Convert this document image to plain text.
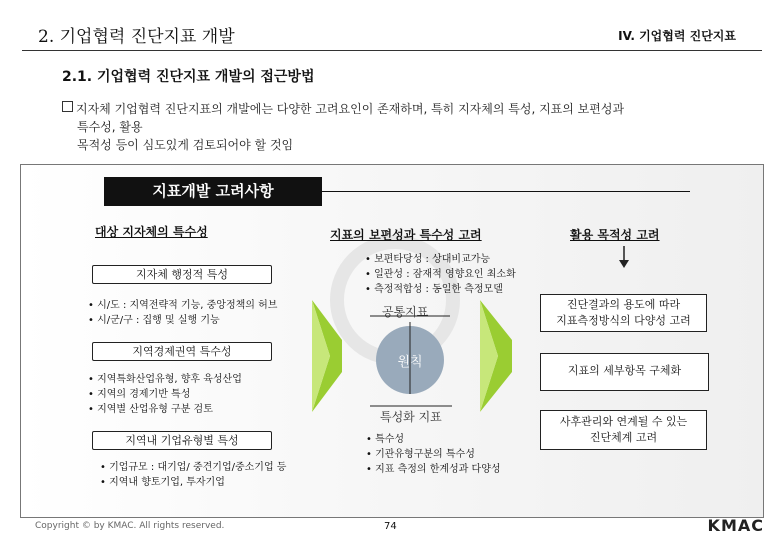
2. 기업협력 진단지표 개발	IV. 기업협력 진단지표
2.1. 기업협력 진단지표 개발의 접근방법
지자체 기업협력 진단지표의 개발에는 다양한 고려요인이 존재하며, 특히 지자체의 특성, 지표의 보편성과
특수성, 활용
목적성 등이 심도있게 검토되어야 할 것임
지표개발 고려사항
대상 지자체의 특수성
지자체 행정적 특성
• 시/도 : 지역전략적 기능, 중앙정책의 허브
• 시/군/구 : 집행 및 실행 기능
지역경제권역 특수성
• 지역특화산업유형, 향후 육성산업
• 지역의 경제기반 특성
• 지역별 산업유형 구분 검토
지역내 기업유형별 특성
• 기업규모 : 대기업/ 중견기업/중소기업 등
• 지역내 향토기업, 투자기업
지표의 보편성과 특수성 고려
• 보편타당성 : 상대비교가능
• 일관성 : 잠재적 영향요인 최소화
• 측정적합성 : 동일한 측정모델
공통지표
원칙
특성화 지표
• 특수성
• 기관유형구분의 특수성
• 지표 측정의 한계성과 다양성
활용 목적성 고려
진단결과의 용도에 따라
지표측정방식의 다양성 고려
지표의 세부항목 구체화
사후관리와 연계될 수 있는
진단체계 고려
Copyright © by KMAC. All rights reserved.	74	KMAC
